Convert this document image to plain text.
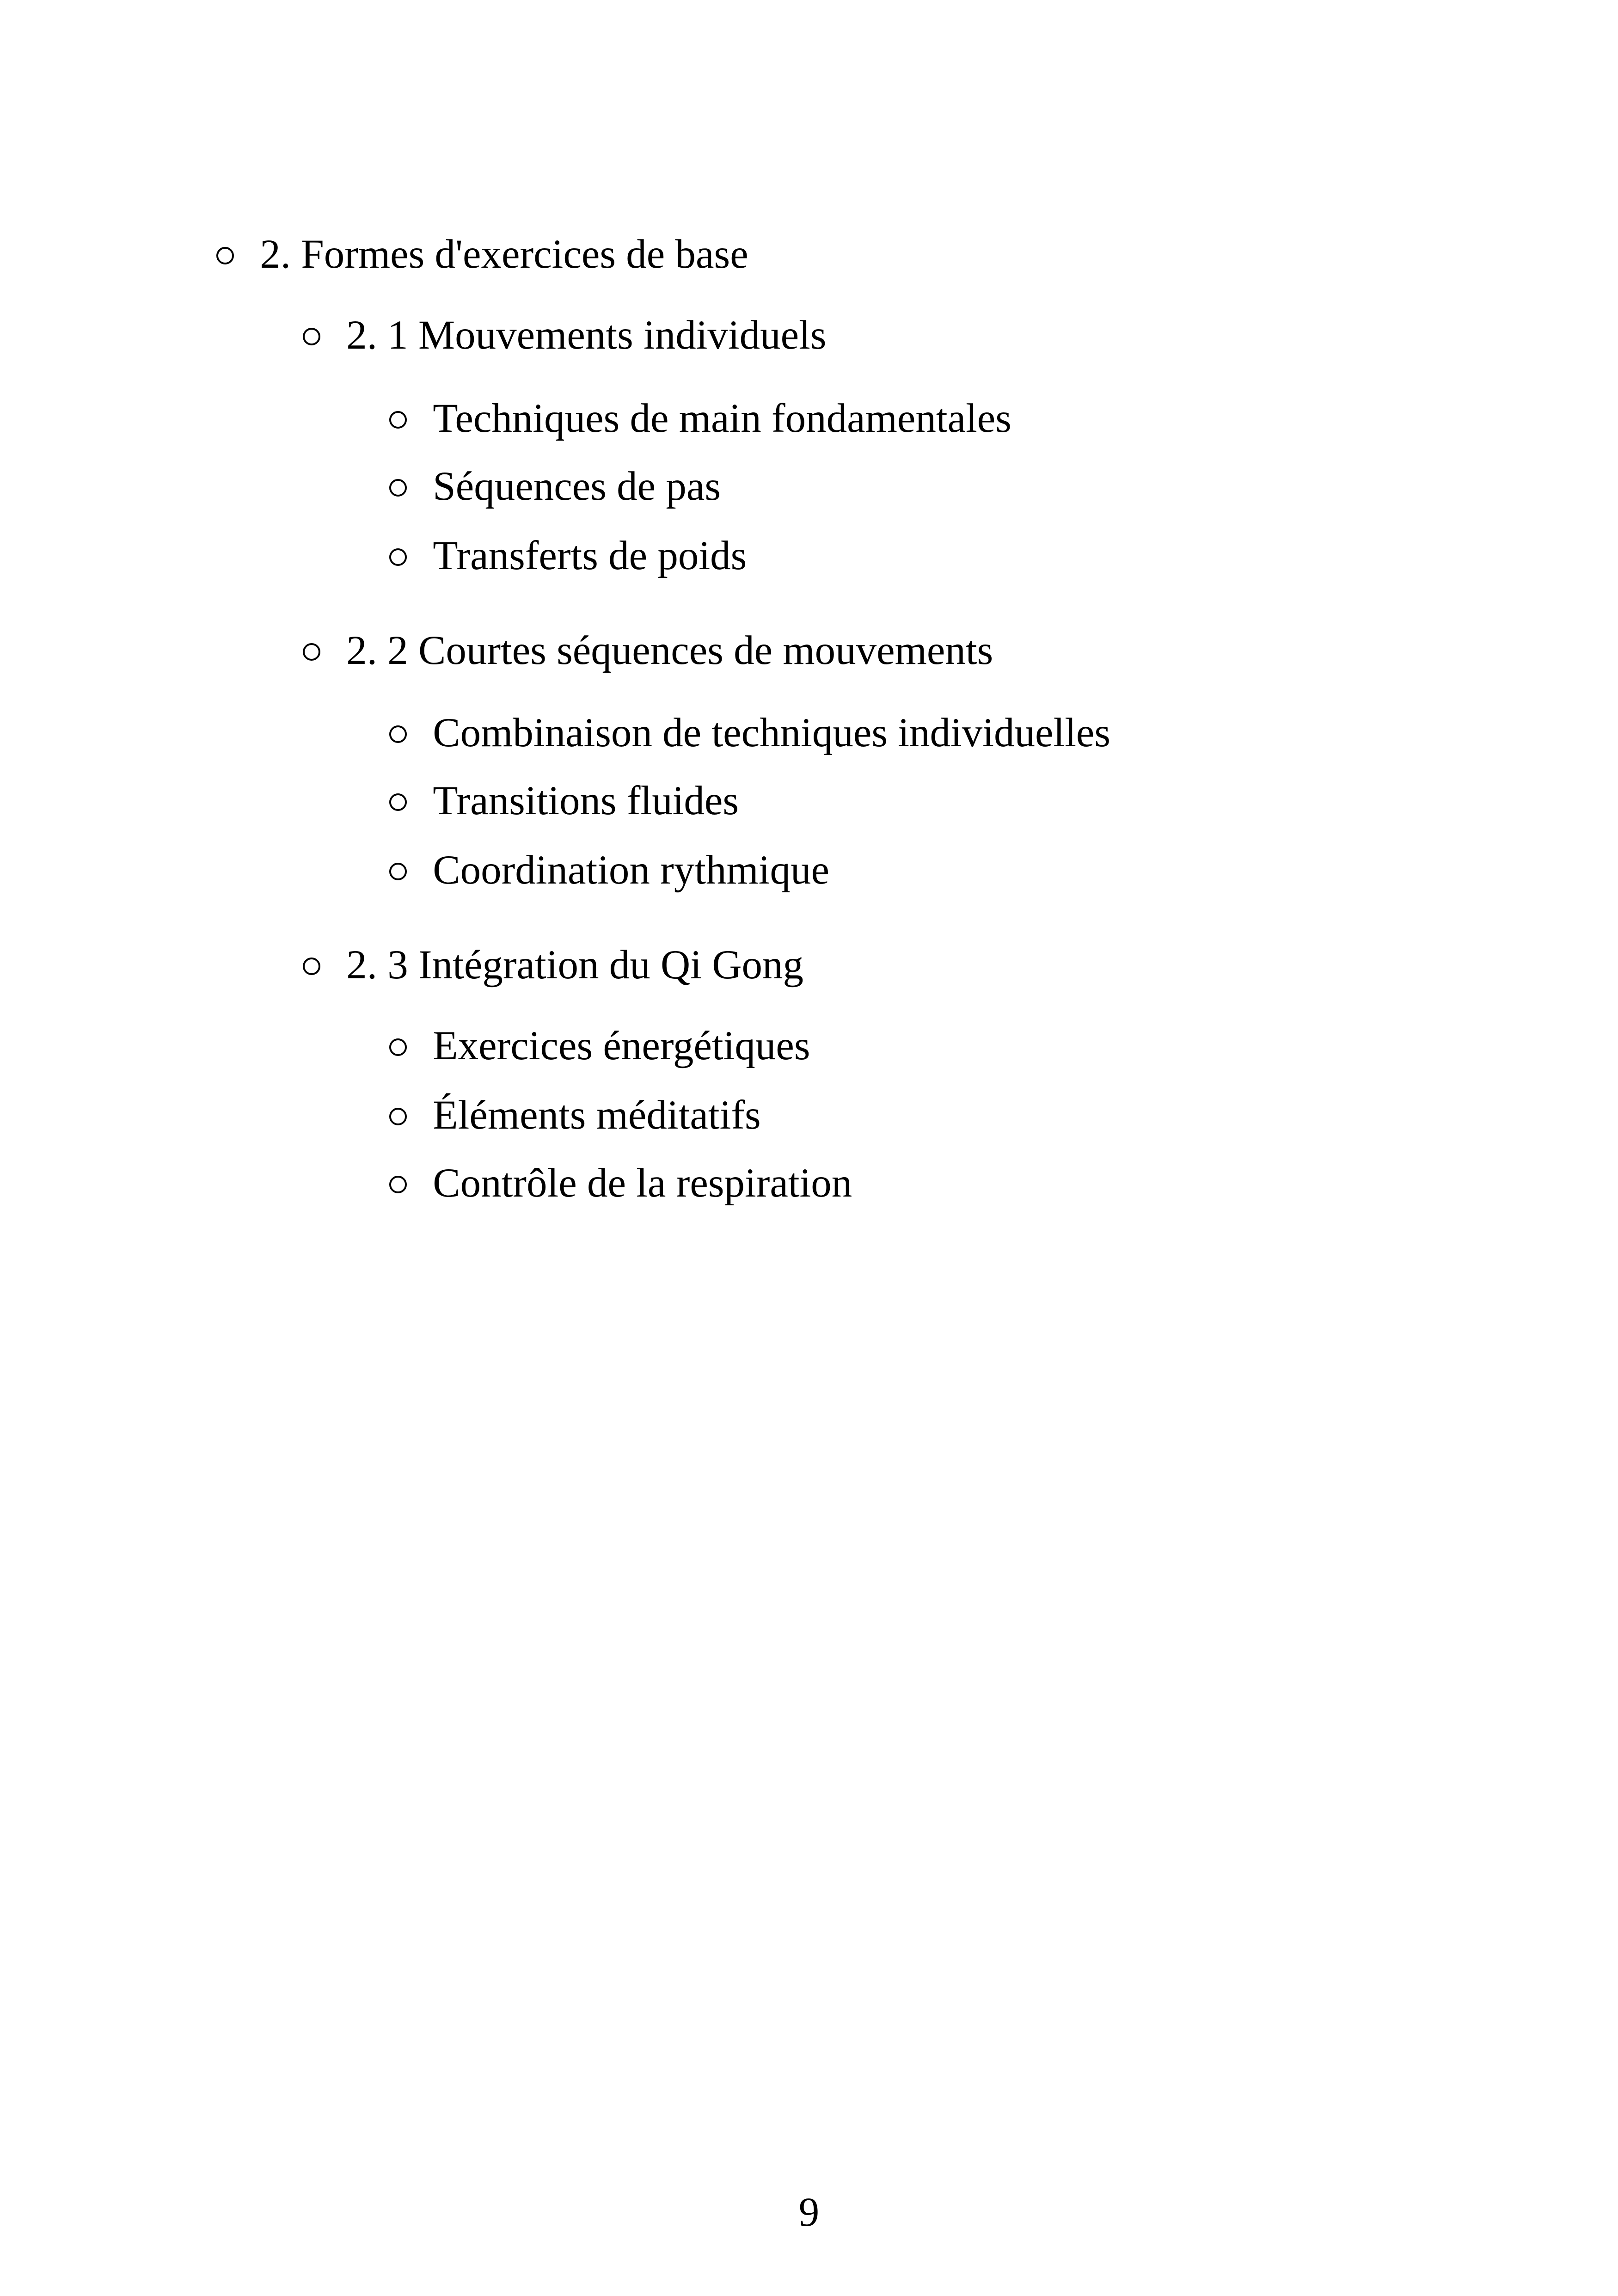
2. Formes d'exercices de base
2. 1 Mouvements individuels
Techniques de main fondamentales
Séquences de pas
Transferts de poids
2. 2 Courtes séquences de mouvements
Combinaison de techniques individuelles
Transitions fluides
Coordination rythmique
2. 3 Intégration du Qi Gong
Exercices énergétiques
Éléments méditatifs
Contrôle de la respiration
9
